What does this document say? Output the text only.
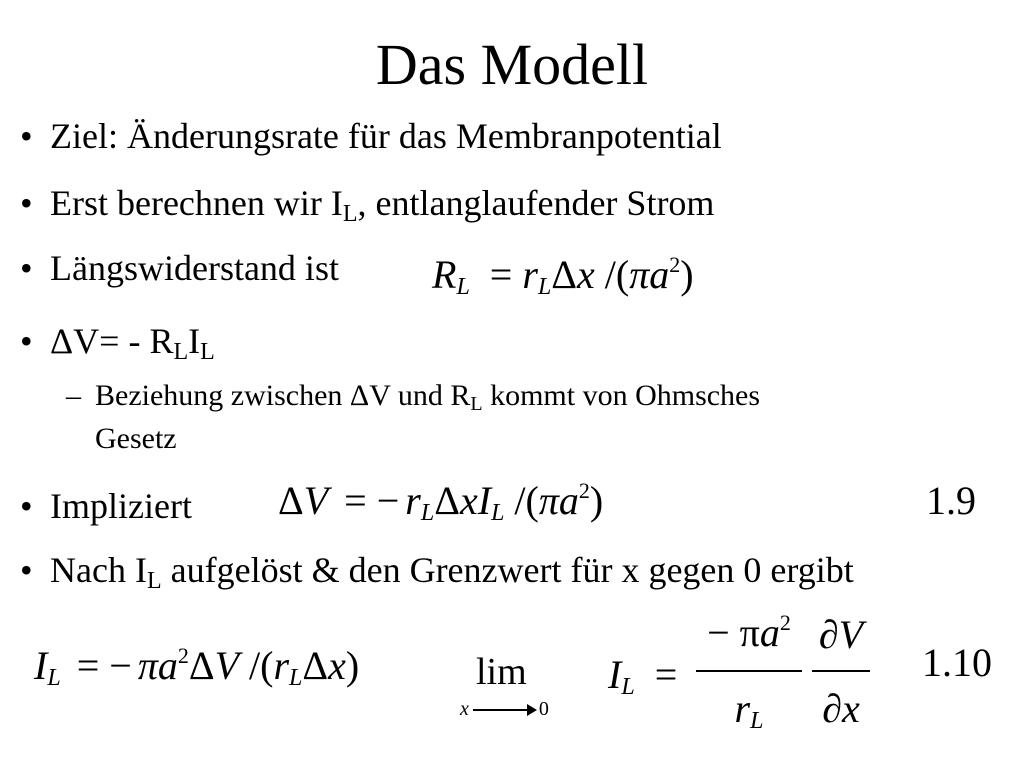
Das Modell
• Ziel: Änderungsrate für das Membranpotential
• Erst berechnen wir $I_L$, entlanglaufender Strom
• Längswiderstand ist $R_L = r_L\Delta x$ $/(\pi a^2)$
• $\Delta V= - R_LI_L$
– Beziehung zwischen ΔV und RL kommt von Ohmsches
Gesetz
• Impliziert ΔV = − $r_L\Delta xI_L$ $/(\pi a^2)$	1.9
• Nach $I_L$ aufgelöst & den Grenzwert für x gegen 0 ergibt
$I_L$ = − $\pi a^2\Delta V$ $/(r_L\Delta x)$	lim
x	0
$I_L$ =
− $\pi a^2$
$r_L$
∂V
∂x
1.10
